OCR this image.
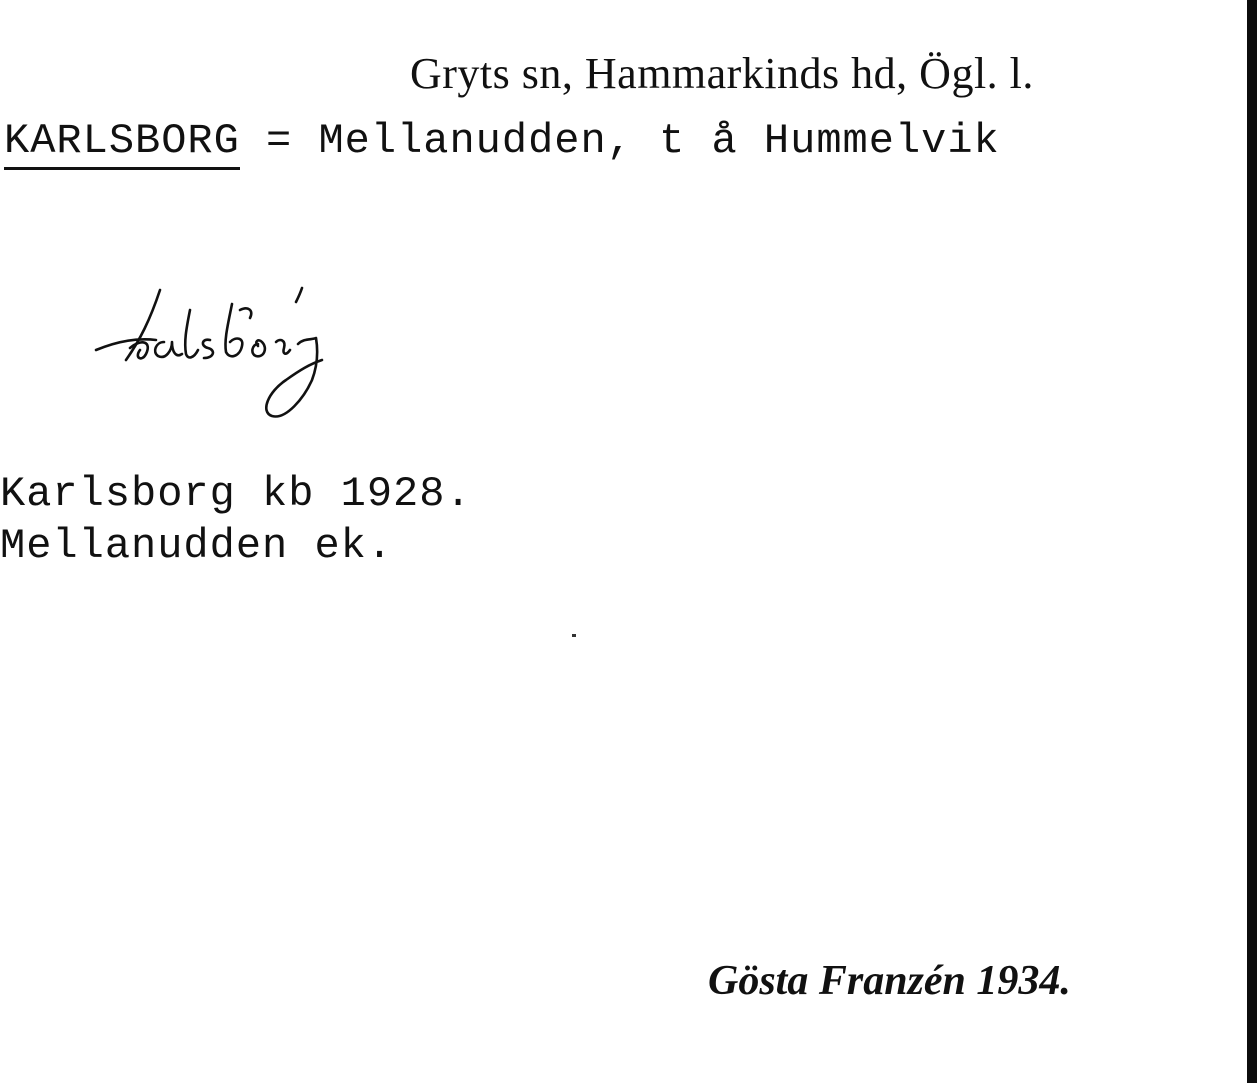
Gryts sn, Hammarkinds hd, Ögl. l.
KARLSBORG = Mellanudden, t å Hummelvik
Karlsborg kb 1928.
Mellanudden ek.
Gösta Franzén 1934.
